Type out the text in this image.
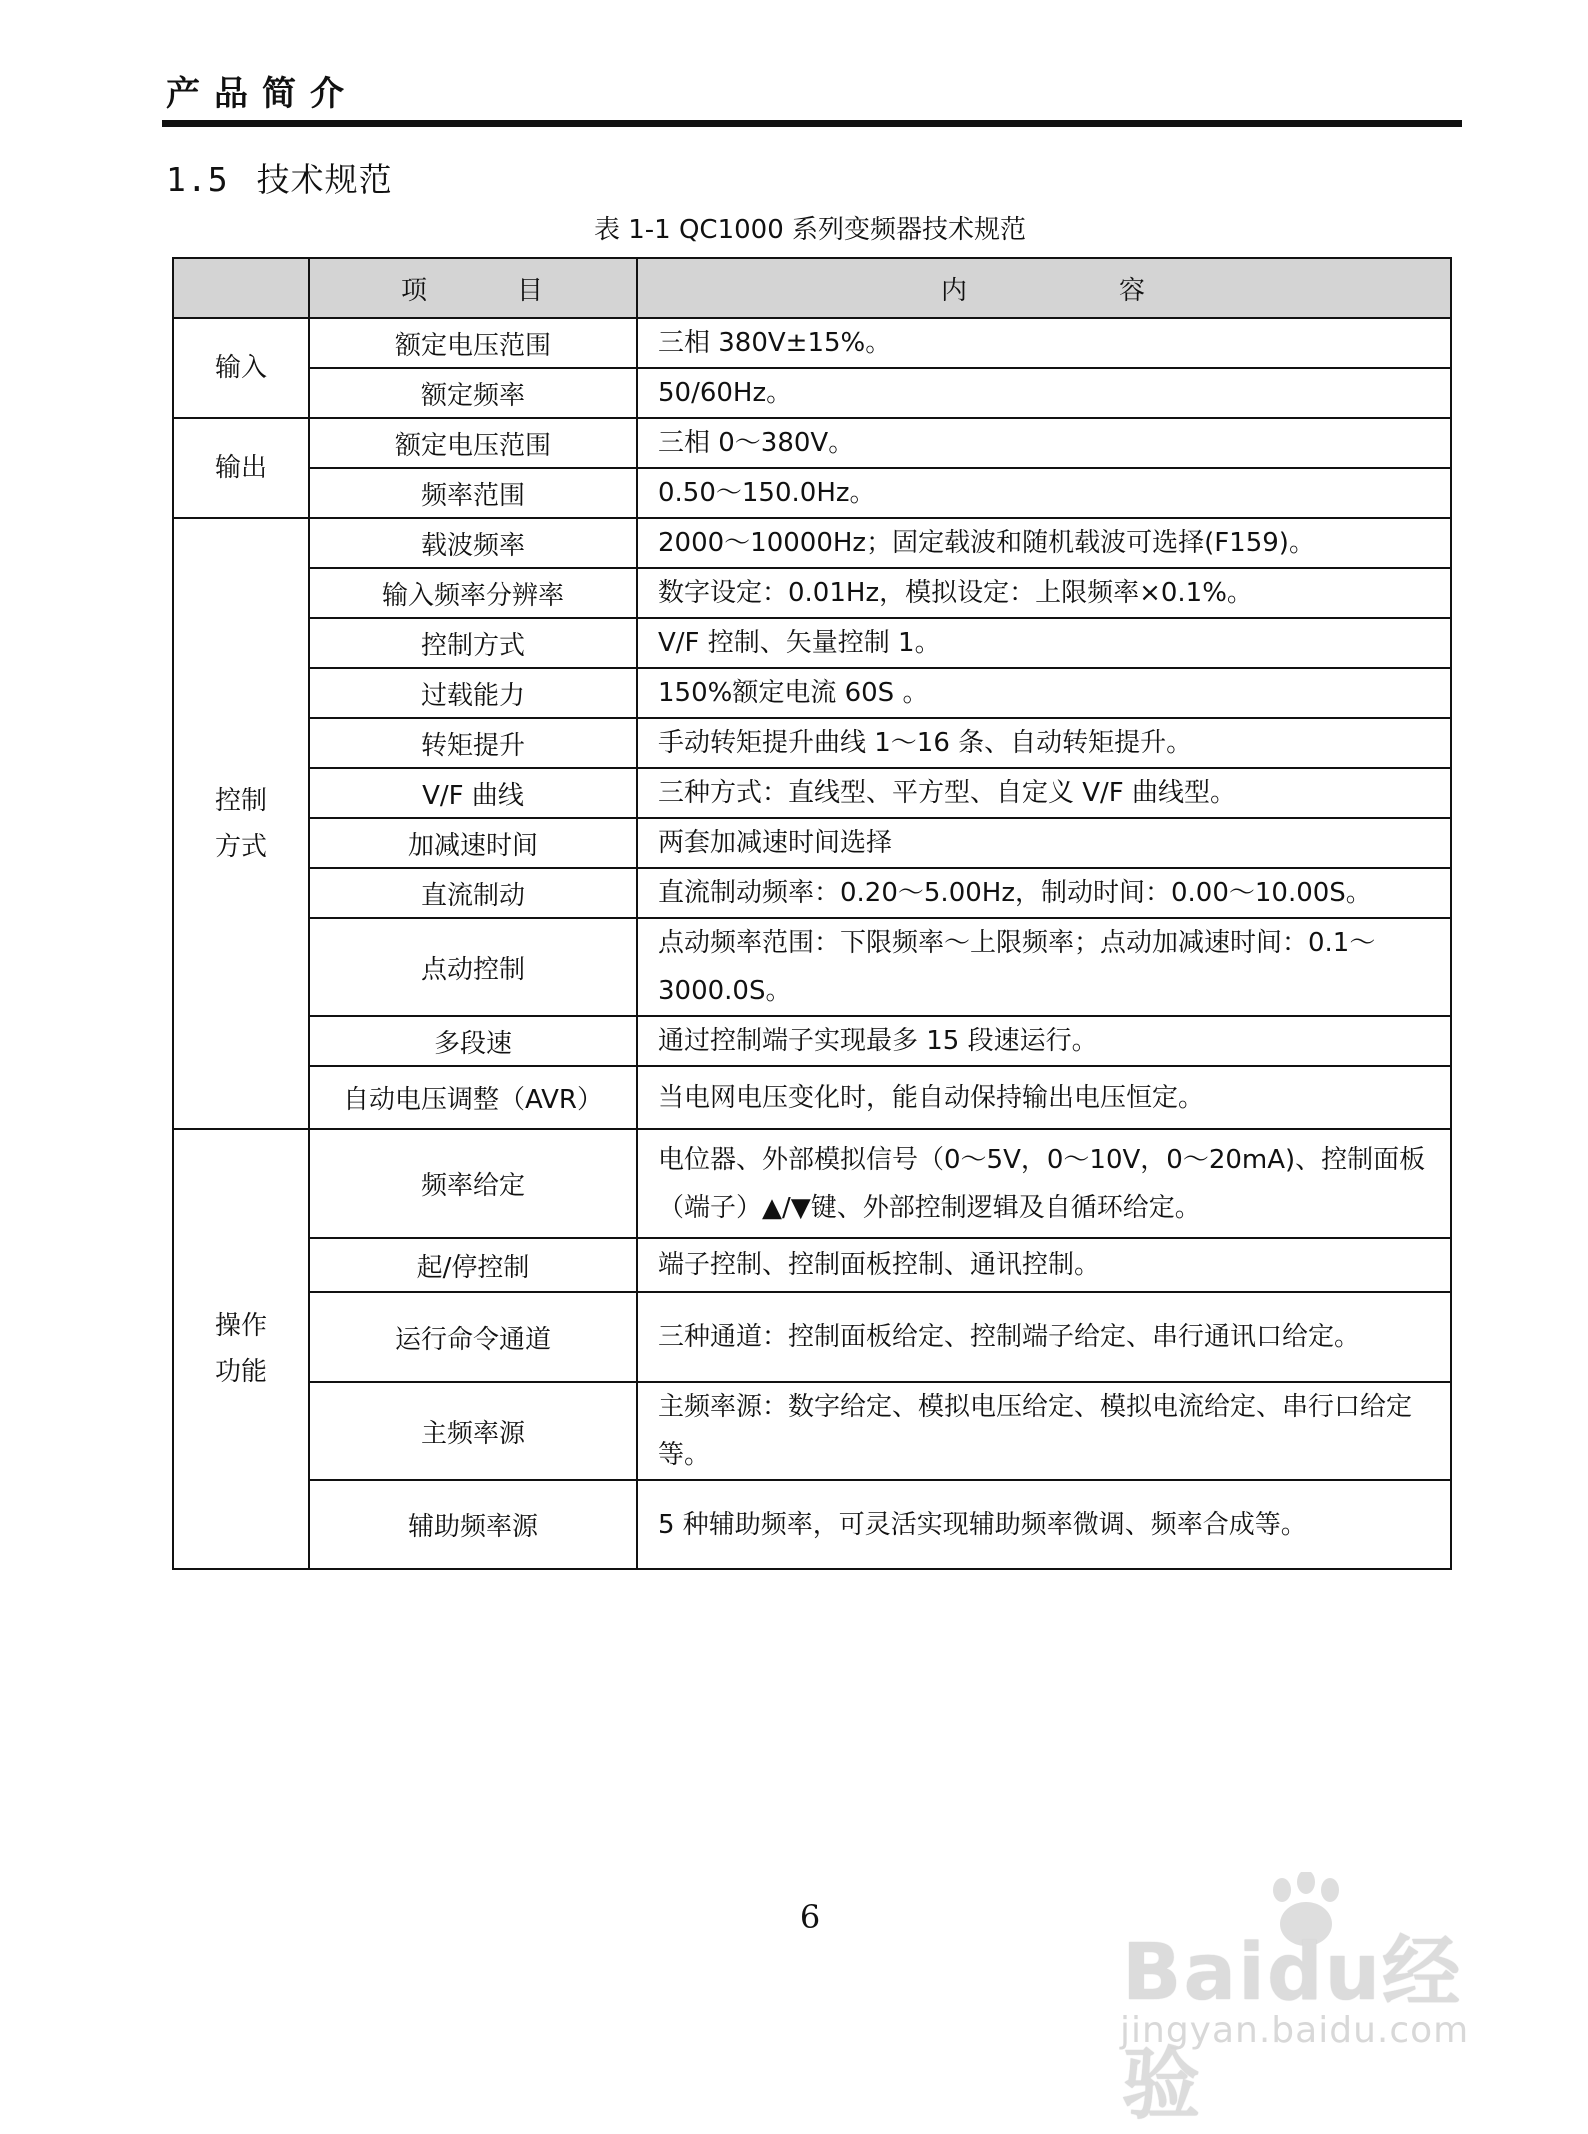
产品简介
1.5 技术规范
表 1-1 QC1000 系列变频器技术规范
	项 目	内 容
输入	额定电压范围	三相 380V±15%。
	额定频率	50/60Hz。
输出	额定电压范围	三相 0～380V。
	频率范围	0.50～150.0Hz。
控制
方式	载波频率	2000～10000Hz；固定载波和随机载波可选择(F159)。
	输入频率分辨率	数字设定：0.01Hz，模拟设定：上限频率×0.1%。
	控制方式	V/F 控制、矢量控制 1。
	过载能力	150%额定电流 60S 。
	转矩提升	手动转矩提升曲线 1～16 条、自动转矩提升。
	V/F 曲线	三种方式：直线型、平方型、自定义 V/F 曲线型。
	加减速时间	两套加减速时间选择
	直流制动	直流制动频率：0.20～5.00Hz，制动时间：0.00～10.00S。
	点动控制	点动频率范围：下限频率～上限频率；点动加减速时间：0.1～3000.0S。
	多段速	通过控制端子实现最多 15 段速运行。
	自动电压调整（AVR）	当电网电压变化时，能自动保持输出电压恒定。
操作
功能	频率给定	电位器、外部模拟信号（0～5V，0～10V，0～20mA)、控制面板（端子）▲/▼键、外部控制逻辑及自循环给定。
	起/停控制	端子控制、控制面板控制、通讯控制。
	运行命令通道	三种通道：控制面板给定、控制端子给定、串行通讯口给定。
	主频率源	主频率源：数字给定、模拟电压给定、模拟电流给定、串行口给定等。
	辅助频率源	5 种辅助频率，可灵活实现辅助频率微调、频率合成等。
6
Baidu经验
jingyan.baidu.com
